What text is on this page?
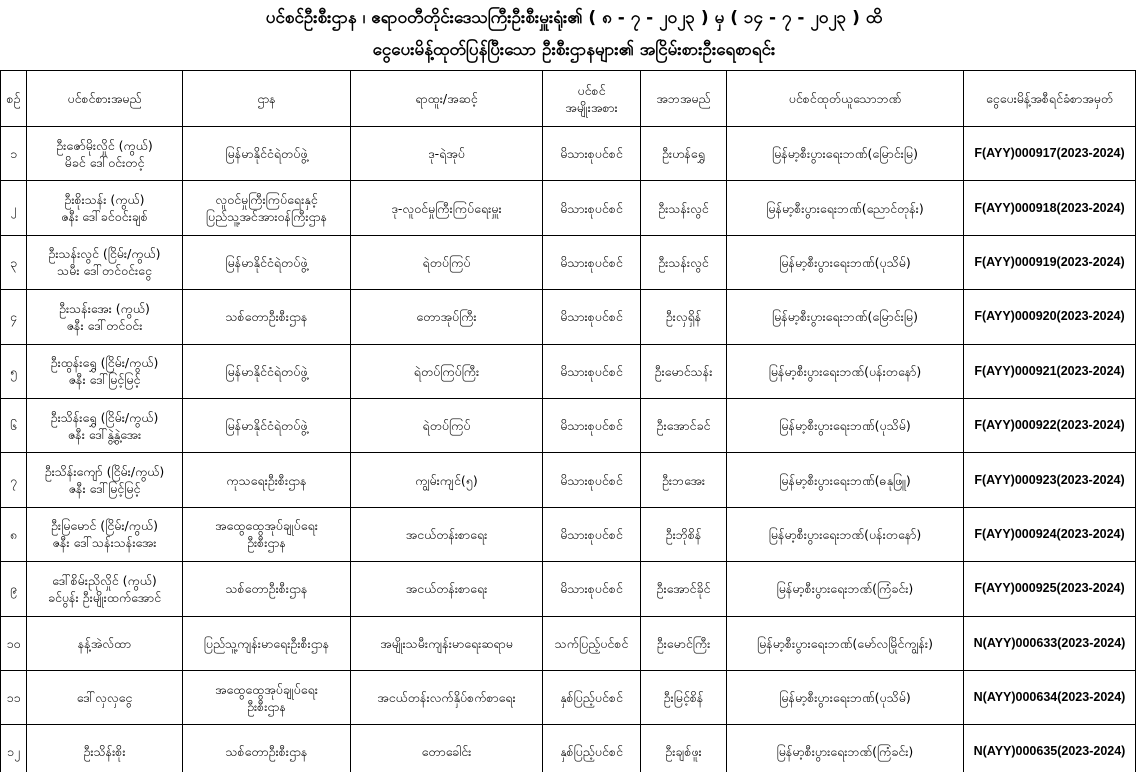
ပင်စင်ဦးစီးဌာန ၊ ဧရာဝတီတိုင်းဒေသကြီးဦးစီးမှူးရုံး၏ ( ၈ - ၇ - ၂၀၂၃ ) မှ ( ၁၄ - ၇ - ၂၀၂၃ ) ထိ
ငွေပေးမိန့်ထုတ်ပြန်ပြီးသော ဦးစီးဌာနများ၏ အငြိမ်းစားဦးရေစာရင်း
စဉ်	ပင်စင်စားအမည်	ဌာန	ရာထူး/အဆင့်	ပင်စင်
အမျိုးအစား	အဘအမည်	ပင်စင်ထုတ်ယူသောဘဏ်	ငွေပေးမိန့်အစီရင်ခံစာအမှတ်
၁	ဦးဇော်မိုးလှိုင် (ကွယ်)
မိခင် ဒေါ်ဝင်းတင့်	မြန်မာနိုင်ငံရဲတပ်ဖွဲ့	ဒု-ရဲအုပ်	မိသားစုပင်စင်	ဦးဟန်ရွှေ	မြန်မာ့စီးပွားရေးဘဏ်(မြောင်းမြ)	F(AYY)000917(2023-2024)
၂	ဦးစိုးသန်း (ကွယ်)
ဇနီး ဒေါ်ခင်ဝင်းချစ်	လူဝင်မှုကြီးကြပ်ရေးနှင့်
ပြည်သူ့အင်အားဝန်ကြီးဌာန	ဒု-လူဝင်မှုကြီးကြပ်ရေးမှူး	မိသားစုပင်စင်	ဦးသန်းလွင်	မြန်မာ့စီးပွားရေးဘဏ်(ညောင်တုန်း)	F(AYY)000918(2023-2024)
၃	ဦးသန်းလွင် (ငြိမ်း/ကွယ်)
သမီး ဒေါ်တင်ဝင်းငွေ	မြန်မာနိုင်ငံရဲတပ်ဖွဲ့	ရဲတပ်ကြပ်	မိသားစုပင်စင်	ဦးသန်းလွင်	မြန်မာ့စီးပွားရေးဘဏ်(ပုသိမ်)	F(AYY)000919(2023-2024)
၄	ဦးသန်းအေး (ကွယ်)
ဇနီး ဒေါ်တင်ဝင်း	သစ်တောဦးစီးဌာန	တောအုပ်ကြီး	မိသားစုပင်စင်	ဦးလှရှိန်	မြန်မာ့စီးပွားရေးဘဏ်(မြောင်းမြ)	F(AYY)000920(2023-2024)
၅	ဦးထွန်းရွှေ (ငြိမ်း/ကွယ်)
ဇနီး ဒေါ်မြင့်မြင့်	မြန်မာနိုင်ငံရဲတပ်ဖွဲ့	ရဲတပ်ကြပ်ကြီး	မိသားစုပင်စင်	ဦးမောင်သန်း	မြန်မာ့စီးပွားရေးဘဏ်(ပန်းတနော်)	F(AYY)000921(2023-2024)
၆	ဦးသိန်းရွှေ (ငြိမ်း/ကွယ်)
ဇနီး ဒေါ်နွဲ့နွဲ့အေး	မြန်မာနိုင်ငံရဲတပ်ဖွဲ့	ရဲတပ်ကြပ်	မိသားစုပင်စင်	ဦးအောင်ခင်	မြန်မာ့စီးပွားရေးဘဏ်(ပုသိမ်)	F(AYY)000922(2023-2024)
၇	ဦးသိန်းကျော် (ငြိမ်း/ကွယ်)
ဇနီး ဒေါ်မြင့်မြင့်	ကုသရေးဦးစီးဌာန	ကျွမ်းကျင်(၅)	မိသားစုပင်စင်	ဦးဘအေး	မြန်မာ့စီးပွားရေးဘဏ်(ဓနုဖြူ)	F(AYY)000923(2023-2024)
၈	ဦးမြမောင် (ငြိမ်း/ကွယ်)
ဇနီး ဒေါ်သန်းသန်းအေး	အထွေထွေအုပ်ချုပ်ရေး
ဦးစီးဌာန	အငယ်တန်းစာရေး	မိသားစုပင်စင်	ဦးဘိုစိန်	မြန်မာ့စီးပွားရေးဘဏ်(ပန်းတနော်)	F(AYY)000924(2023-2024)
၉	ဒေါ်စိမ်းညိုလှိုင် (ကွယ်)
ခင်ပွန်း ဦးမျိုးထက်အောင်	သစ်တောဦးစီးဌာန	အငယ်တန်းစာရေး	မိသားစုပင်စင်	ဦးအောင်ခိုင်	မြန်မာ့စီးပွားရေးဘဏ်(ကြံခင်း)	F(AYY)000925(2023-2024)
၁၀	နန့်အဲလ်ထာ	ပြည်သူ့ကျန်းမာရေးဦးစီးဌာန	အမျိုးသမီးကျန်းမာရေးဆရာမ	သက်ပြည့်ပင်စင်	ဦးမောင်ကြီး	မြန်မာ့စီးပွားရေးဘဏ်(မော်လမြိုင်ကျွန်း)	N(AYY)000633(2023-2024)
၁၁	ဒေါ်လှလှငွေ	အထွေထွေအုပ်ချုပ်ရေး
ဦးစီးဌာန	အငယ်တန်းလက်နှိပ်စက်စာရေး	နှစ်ပြည့်ပင်စင်	ဦးမြင့်စိန်	မြန်မာ့စီးပွားရေးဘဏ်(ပုသိမ်)	N(AYY)000634(2023-2024)
၁၂	ဦးသိန်းစိုး	သစ်တောဦးစီးဌာန	တောခေါင်း	နှစ်ပြည့်ပင်စင်	ဦးချစ်ဖူး	မြန်မာ့စီးပွားရေးဘဏ်(ကြံခင်း)	N(AYY)000635(2023-2024)
